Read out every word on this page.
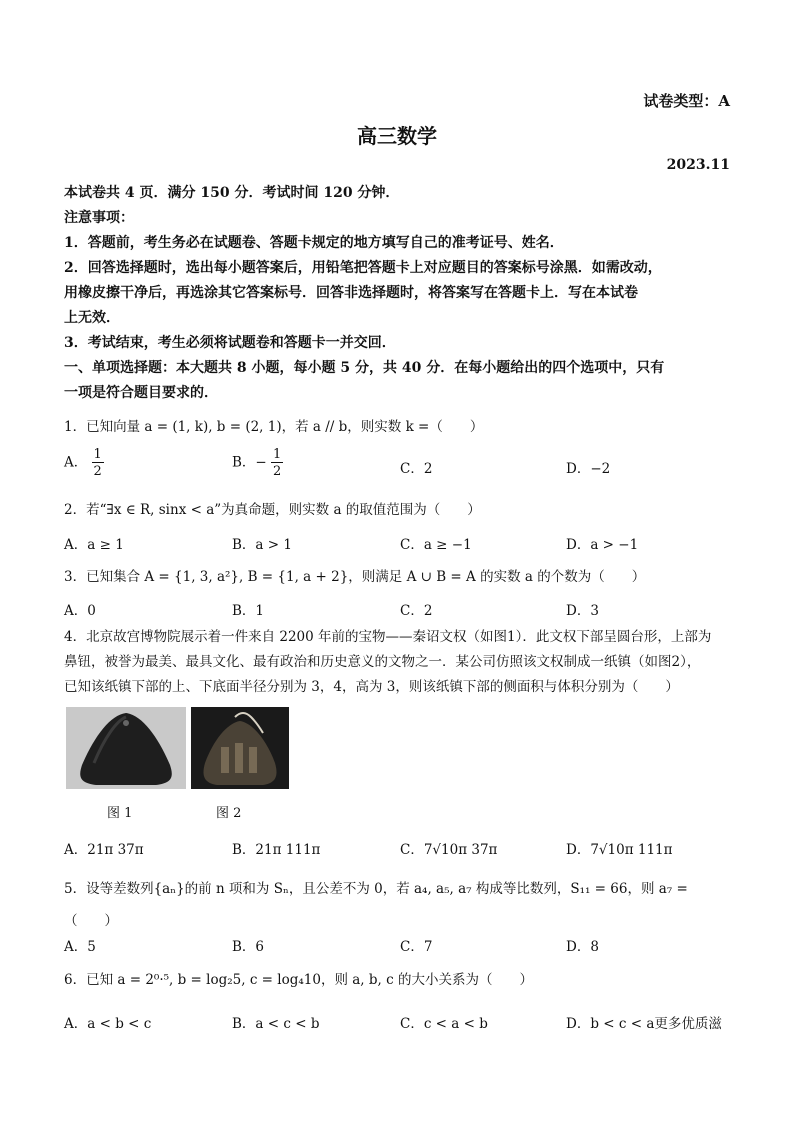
试卷类型：A
高三数学
2023.11
本试卷共 4 页．满分 150 分．考试时间 120 分钟．
注意事项：
1．答题前，考生务必在试题卷、答题卡规定的地方填写自己的准考证号、姓名．
2．回答选择题时，选出每小题答案后，用铅笔把答题卡上对应题目的答案标号涂黑．如需改动，
用橡皮擦干净后，再选涂其它答案标号．回答非选择题时，将答案写在答题卡上．写在本试卷
上无效．
3．考试结束，考生必须将试题卷和答题卡一并交回．
一、单项选择题：本大题共 8 小题，每小题 5 分，共 40 分．在每小题给出的四个选项中，只有
一项是符合题目要求的．
1．已知向量 a = (1, k), b = (2, 1)，若 a // b，则实数 k =（　　）
A． $\frac{1}{2}$	B．− $\frac{1}{2}$	C．2	D．−2
2．若“∃x ∈ R, sinx < a”为真命题，则实数 a 的取值范围为（　　）
A．a ≥ 1	B．a > 1	C．a ≥ −1	D．a > −1
3．已知集合 A = {1, 3, a²}, B = {1, a + 2}，则满足 A ∪ B = A 的实数 a 的个数为（　　）
A．0	B．1	C．2	D．3
4．北京故宫博物院展示着一件来自 2200 年前的宝物——秦诏文权（如图1）．此文权下部呈圆台形，上部为
鼻钮，被誉为最美、最具文化、最有政治和历史意义的文物之一．某公司仿照该文权制成一纸镇（如图2），
已知该纸镇下部的上、下底面半径分别为 3，4，高为 3，则该纸镇下部的侧面积与体积分别为（　　）
图 1	图 2
A．21π 37π	B．21π 111π	C．7√10π 37π	D．7√10π 111π
5．设等差数列{aₙ}的前 n 项和为 Sₙ，且公差不为 0，若 a₄, a₅, a₇ 构成等比数列，S₁₁ = 66，则 a₇ =
（　　）
A．5	B．6	C．7	D．8
6．已知 a = 2⁰·⁵, b = log₂5, c = log₄10，则 a, b, c 的大小关系为（　　）
A．a < b < c	B．a < c < b	C．c < a < b	D．b < c < a更多优质滋
